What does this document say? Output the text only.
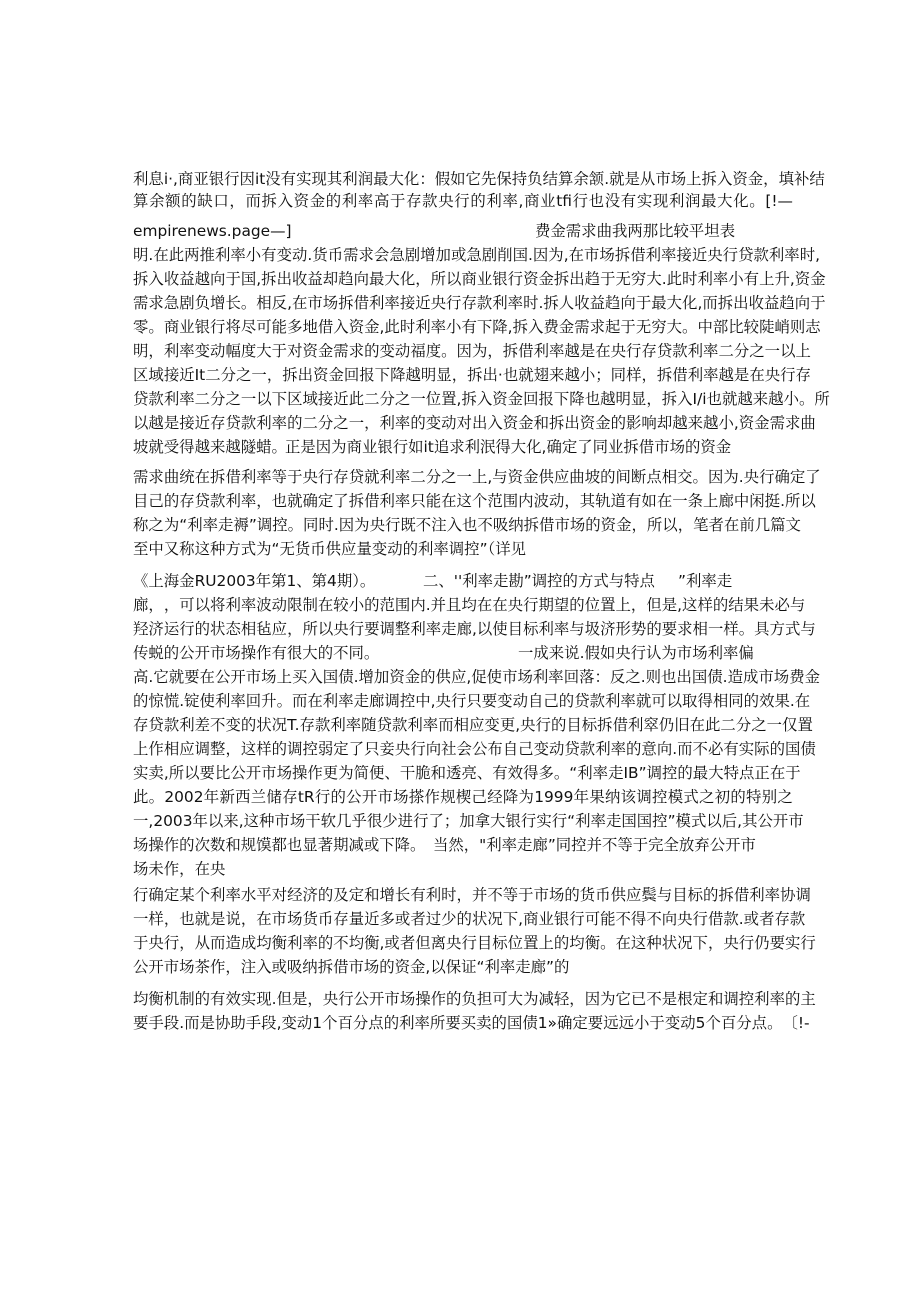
利 息 i · , 商 亚 银 行 因 it 没 有 实 现 其 利 润 最 大 化 ： 假 如 它 先 保 持 负 结 算 余 颔 . 就 是 从 市 场 上 拆 入 资 金 ， 填 补 结
算 余 额 的 缺 口 ， 而 拆 入 资 金 的 利 率 高 于 存 款 央 行 的 利 率 , 商 业 tfi 行 也 没 有 实 现 利 润 最 大 化 。 [!—
empirenews.page—]	费金需求曲我两那比较平坦表
明 . 在 此 两 推 利 率 小 有 变 动 . 货 币 需 求 会 急 剧 增 加 或 急 剧 削 国 . 因 为 , 在 市 场 拆 借 利 率 接 近 央 行 贷 款 利 率 时 ,
拆 入 收 益 越 向 于 国 , 拆 出 收 益 却 趋 向 最 大 化 ， 所 以 商 业 银 行 资 金 拆 出 趋 于 无 穷 大 . 此 时 利 率 小 有 上 升 , 资 金
需 求 急 剧 负 增 长 。 相 反 , 在 市 场 拆 借 利 率 接 近 央 行 存 款 利 率 时 . 拆 人 收 益 趋 向 于 最 大 化 , 而 拆 出 收 益 趋 向 于
零 。 商 业 银 行 将 尽 可 能 多 地 借 入 资 金 , 此 时 利 率 小 有 下 降 , 拆 入 费 金 需 求 起 于 无 穷 大 。 中 部 比 较 陡 峭 则 志
明 ， 利 率 变 动 幅 度 大 于 对 资 金 需 求 的 变 动 福 度 。 因 为 ， 拆 借 利 率 越 是 在 央 行 存 贷 款 利 率 二 分 之 一 以 上
区 域 接 近 It 二 分 之 一 ， 拆 出 资 金 回 报 下 降 越 明 显 ， 拆 出 · 也 就 翅 来 越 小 ； 同 样 ， 拆 借 利 率 越 是 在 央 行 存
贷 款 利 率 二 分 之 一 以 下 区 域 接 近 此 二 分 之 一 位 置 , 拆 入 资 金 回 报 下 降 也 越 明 显 ， 拆 入 I/i 也 就 越 来 越 小 。 所
以 越 是 接 近 存 贷 款 利 率 的 二 分 之 一 ， 利 率 的 变 动 对 出 入 资 金 和 拆 出 资 金 的 影 响 却 越 来 越 小 , 资 金 需 求 曲
坡就受得越来越隧蜡。
正是因为商业银行如it追求利泯得大化,确定了同业拆借市场的资金
需 求 曲 统 在 拆 借 利 率 等 于 央 行 存 贷 就 利 率 二 分 之 一 上 , 与 资 金 供 应 曲 坡 的 间 断 点 相 交 。 因 为 . 央 行 确 定 了
目 己 的 存 贷 款 利 率 ， 也 就 确 定 了 拆 借 利 率 只 能 在 这 个 范 围 内 波 动 ， 其 轨 道 有 如 在 一 条 上 廊 中 闲 挺 . 所 以
称 之 为 “ 利 率 走 褥 ” 调 控 。 同 时 . 因 为 央 行 既 不 注 入 也 不 吸 纳 拆 借 市 场 的 资 金 ， 所 以 ， 笔 者 在 前 几 篇 文
至中又称这种方式为“无货币供应量变动的利率调控”（详见
《上海金RU2003年第1、第4期）。	二、''利率走勘”调控的方式与特点 ”利率走
廊 ， ， 可 以 将 利 率 波 动 限 制 在 较 小 的 范 围 内 . 并 且 均 在 在 央 行 期 望 的 位 置 上 ， 但 是 , 这 样 的 结 果 未 必 与
羟 济 运 行 的 状 态 相 毡 应 ， 所 以 央 行 要 调 整 利 率 走 廊 , 以 使 目 标 利 率 与 圾 济 形 势 的 要 求 相 一 样 。 具 方 式 与
传蜕的公开市场操作有很大的不同。	一成来说.假如央行认为市场利率偏
高 . 它 就 要 在 公 开 市 场 上 买 入 国 债 . 增 加 资 金 的 供 应 , 促 使 市 场 利 率 回 落 ： 反 之 . 则 也 出 国 债 . 造 成 市 场 费 金
的 惊 慌 . 锭 使 利 率 回 升 。 而 在 利 率 走 廊 调 控 中 , 央 行 只 要 变 动 自 己 的 贷 款 利 率 就 可 以 取 得 相 同 的 效 果 . 在
存 贷 款 利 差 不 变 的 状 况 T. 存 款 利 率 随 贷 款 利 率 而 相 应 变 更 , 央 行 的 目 标 拆 借 利 窣 仍 旧 在 此 二 分 之 一 仅 置
上 作 相 应 调 整 ， 这 样 的 调 控 弱 定 了 只 妾 央 行 向 社 会 公 布 自 己 变 动 贷 款 利 率 的 意 向 . 而 不 必 有 实 际 的 国 债
实 卖 , 所 以 要 比 公 开 市 场 操 作 更 为 简 便 、 干 脆 和 透 亮 、 有 效 得 多 。 “ 利 率 走 IB ” 调 控 的 最 大 特 点 正 在 于
此 。 2002 年 新 西 兰 储 存 tR 行 的 公 开 市 场 搽 作 规 楔 己 经 降 为 1999 年 果 纳 该 调 控 模 式 之 初 的 特 别 之
一 , 2003 年 以 来 , 这 种 市 场 干 软 几 乎 很 少 进 行 了 ； 加 拿 大 银 行 实 行 “ 利 率 走 国 国 控 ” 模 式 以 后 , 其 公 开 市
场操作的次数和规馍都也显著期减或下降。 当然，"利率走廊”同控并不等于完全放弃公开市
场未作，在央
行 确 定 某 个 利 率 水 平 对 经 济 的 及 定 和 增 长 有 利 时 ， 并 不 等 于 市 场 的 货 币 供 应 鬓 与 目 标 的 拆 借 利 率 协 调
一 样 ， 也 就 是 说 ， 在 市 场 货 币 存 量 近 多 或 者 过 少 的 状 况 下 , 商 业 银 行 可 能 不 得 不 向 央 行 借 款 . 或 者 存 款
于 央 行 ， 从 而 造 成 均 衡 利 率 的 不 均 衡 , 或 者 但 离 央 行 目 标 位 置 上 的 均 衡 。 在 这 种 状 况 下 ， 央 行 仍 要 实 行
公开市场茶作，注入或吸纳拆借市场的资金,以保证“利率走廊”的
均 衡 机 制 的 有 效 实 现 . 但 是 ， 央 行 公 开 市 场 操 作 的 负 担 可 大 为 减 轻 ， 因 为 它 已 不 是 根 定 和 调 控 利 率 的 主
要 手 段 . 而 是 协 助 手 段 , 变 动 1 个 百 分 点 的 利 率 所 要 买 卖 的 国 债 1» 确 定 要 远 远 小 于 变 动 5 个 百 分 点 。 〔 !-
